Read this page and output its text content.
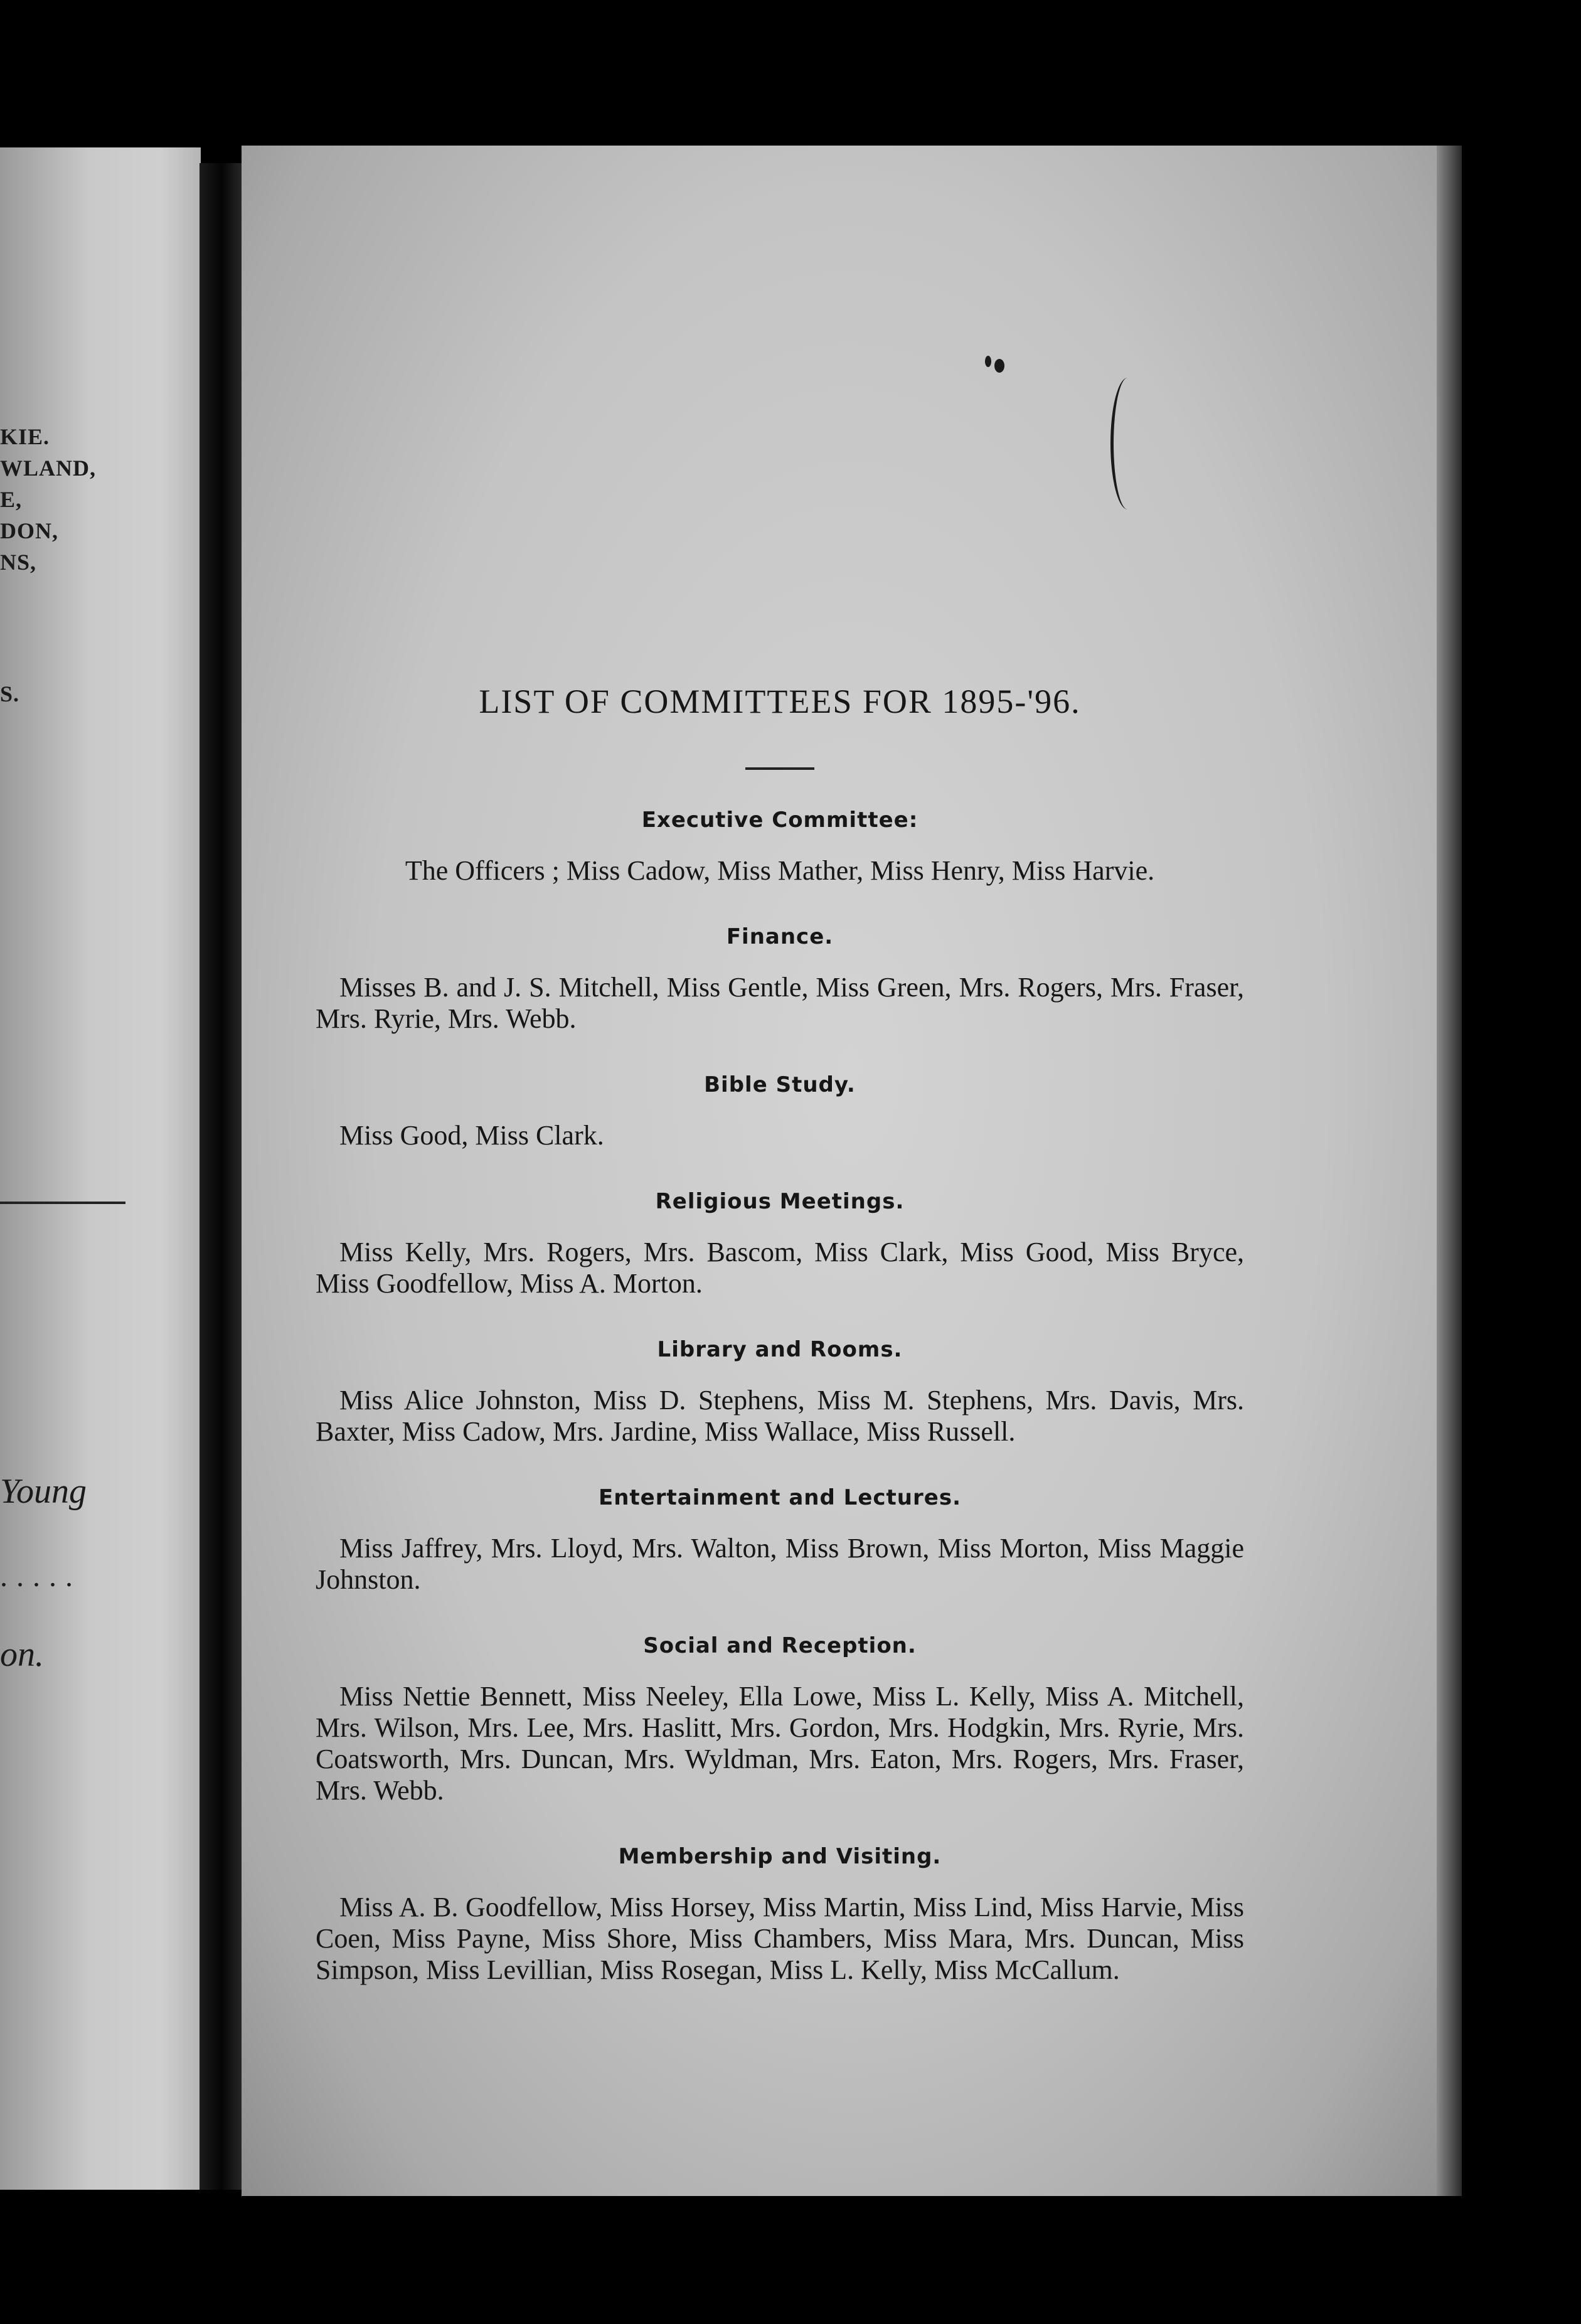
KIE.
WLAND,
E,
DON,
NS,
S.
Young
.....
on.
LIST OF COMMITTEES FOR 1895-'96.
Executive Committee:

The Officers ; Miss Cadow, Miss Mather, Miss Henry, Miss Harvie.

Finance.

Misses B. and J. S. Mitchell, Miss Gentle, Miss Green, Mrs. Rogers, Mrs. Fraser, Mrs. Ryrie, Mrs. Webb.

Bible Study.

Miss Good, Miss Clark.

Religious Meetings.

Miss Kelly, Mrs. Rogers, Mrs. Bascom, Miss Clark, Miss Good, Miss Bryce, Miss Goodfellow, Miss A. Morton.

Library and Rooms.

Miss Alice Johnston, Miss D. Stephens, Miss M. Stephens, Mrs. Davis, Mrs. Baxter, Miss Cadow, Mrs. Jardine, Miss Wallace, Miss Russell.

Entertainment and Lectures.

Miss Jaffrey, Mrs. Lloyd, Mrs. Walton, Miss Brown, Miss Morton, Miss Maggie Johnston.

Social and Reception.

Miss Nettie Bennett, Miss Neeley, Ella Lowe, Miss L. Kelly, Miss A. Mitchell, Mrs. Wilson, Mrs. Lee, Mrs. Haslitt, Mrs. Gordon, Mrs. Hodgkin, Mrs. Ryrie, Mrs. Coatsworth, Mrs. Duncan, Mrs. Wyldman, Mrs. Eaton, Mrs. Rogers, Mrs. Fraser, Mrs. Webb.

Membership and Visiting.

Miss A. B. Goodfellow, Miss Horsey, Miss Martin, Miss Lind, Miss Harvie, Miss Coen, Miss Payne, Miss Shore, Miss Chambers, Miss Mara, Mrs. Duncan, Miss Simpson, Miss Levillian, Miss Rosegan, Miss L. Kelly, Miss McCallum.
